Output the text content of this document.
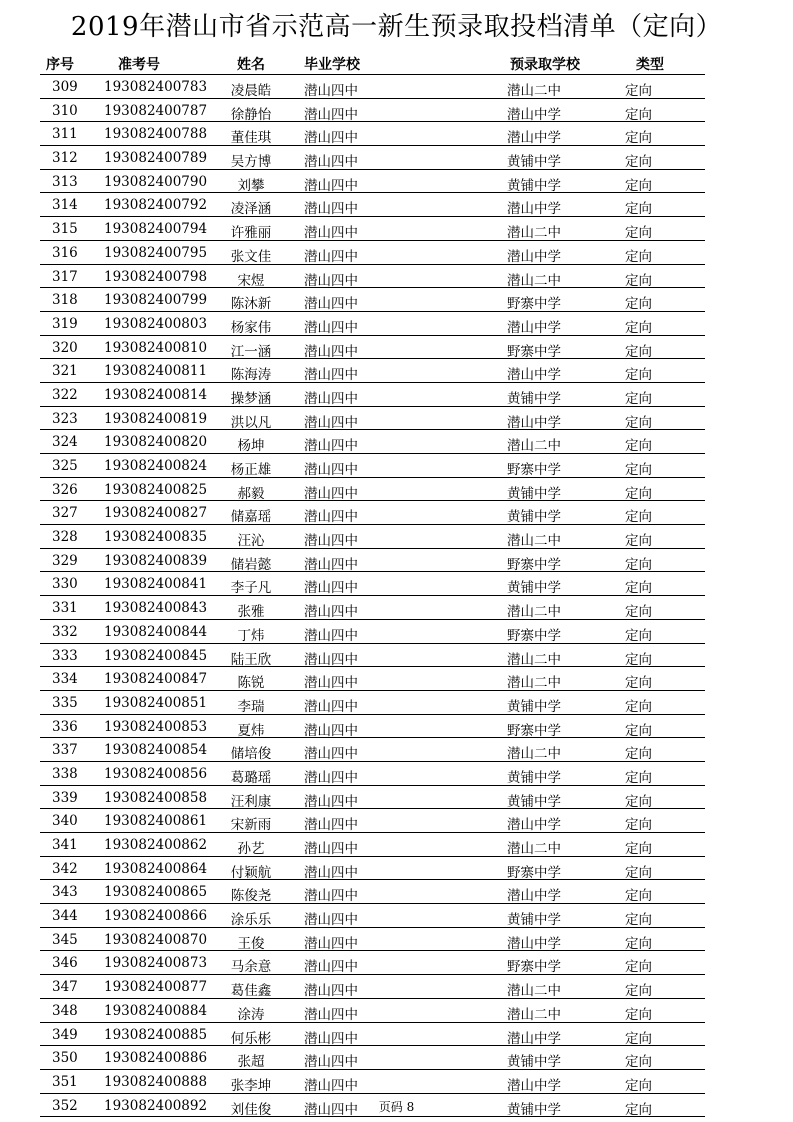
2019年潜山市省示范高一新生预录取投档清单（定向）
序号	准考号	姓名	毕业学校	预录取学校	类型
309 193082400783	凌晨皓	潜山四中	潜山二中	定向
310 193082400787	徐静怡	潜山四中	潜山中学	定向
311 193082400788	董佳琪	潜山四中	潜山中学	定向
312 193082400789	吴方博	潜山四中	黄铺中学	定向
313 193082400790	刘攀	潜山四中	黄铺中学	定向
314 193082400792	凌泽涵	潜山四中	潜山中学	定向
315 193082400794	许雅丽	潜山四中	潜山二中	定向
316 193082400795	张文佳	潜山四中	潜山中学	定向
317 193082400798	宋煜	潜山四中	潜山二中	定向
318 193082400799	陈沐新	潜山四中	野寨中学	定向
319 193082400803	杨家伟	潜山四中	潜山中学	定向
320 193082400810	江一涵	潜山四中	野寨中学	定向
321 193082400811	陈海涛	潜山四中	潜山中学	定向
322 193082400814	操梦涵	潜山四中	黄铺中学	定向
323 193082400819	洪以凡	潜山四中	潜山中学	定向
324 193082400820	杨坤	潜山四中	潜山二中	定向
325 193082400824	杨正雄	潜山四中	野寨中学	定向
326 193082400825	郝毅	潜山四中	黄铺中学	定向
327 193082400827	储嘉瑶	潜山四中	黄铺中学	定向
328 193082400835	汪沁	潜山四中	潜山二中	定向
329 193082400839	储岩懿	潜山四中	野寨中学	定向
330 193082400841	李子凡	潜山四中	黄铺中学	定向
331 193082400843	张雅	潜山四中	潜山二中	定向
332 193082400844	丁炜	潜山四中	野寨中学	定向
333 193082400845	陆王欣	潜山四中	潜山二中	定向
334 193082400847	陈锐	潜山四中	潜山二中	定向
335 193082400851	李瑞	潜山四中	黄铺中学	定向
336 193082400853	夏炜	潜山四中	野寨中学	定向
337 193082400854	储培俊	潜山四中	潜山二中	定向
338 193082400856	葛璐瑶	潜山四中	黄铺中学	定向
339 193082400858	汪利康	潜山四中	黄铺中学	定向
340 193082400861	宋新雨	潜山四中	潜山中学	定向
341 193082400862	孙艺	潜山四中	潜山二中	定向
342 193082400864	付颖航	潜山四中	野寨中学	定向
343 193082400865	陈俊尧	潜山四中	潜山中学	定向
344 193082400866	涂乐乐	潜山四中	黄铺中学	定向
345 193082400870	王俊	潜山四中	潜山中学	定向
346 193082400873	马余意	潜山四中	野寨中学	定向
347 193082400877	葛佳鑫	潜山四中	潜山二中	定向
348 193082400884	涂涛	潜山四中	潜山二中	定向
349 193082400885	何乐彬	潜山四中	潜山中学	定向
350 193082400886	张超	潜山四中	黄铺中学	定向
351 193082400888	张李坤	潜山四中	潜山中学	定向
352 193082400892	刘佳俊	潜山四中	黄铺中学	定向
页码 8
